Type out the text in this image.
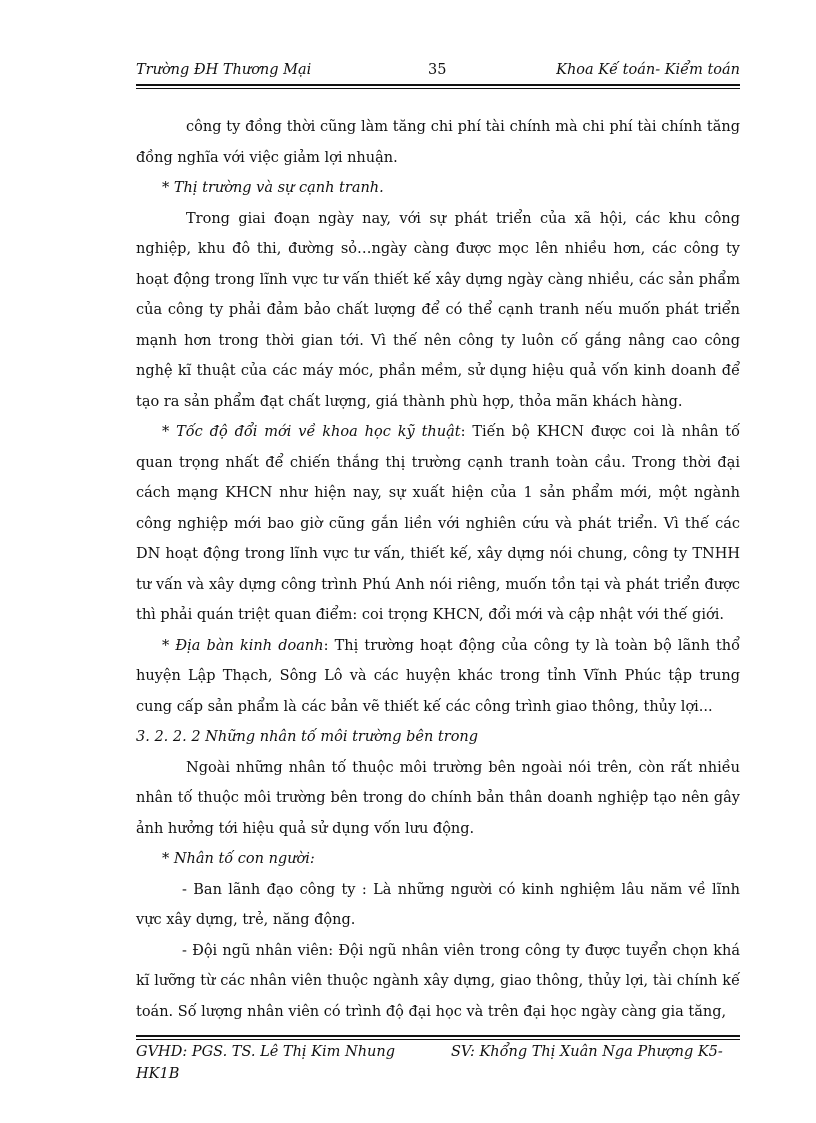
Trường ĐH Thương Mại	35	Khoa Kế toán- Kiểm toán

công ty đồng thời cũng làm tăng chi phí tài chính mà chi phí tài chính tăng đồng nghĩa với việc giảm lợi nhuận.

* Thị trường và sự cạnh tranh.

Trong giai đoạn ngày nay, với sự phát triển của xã hội, các khu công nghiệp, khu đô thi, đường sỏ…ngày càng được mọc lên nhiều hơn, các công ty hoạt động trong lĩnh vực tư vấn thiết kế xây dựng ngày càng nhiều, các sản phẩm của công ty phải đảm bảo chất lượng để có thể cạnh tranh nếu muốn phát triển mạnh hơn trong thời gian tới. Vì thế nên công ty luôn cố gắng nâng cao công nghệ kĩ thuật của các máy móc, phần mềm, sử dụng hiệu quả vốn kinh doanh để tạo ra sản phẩm đạt chất lượng, giá thành phù hợp, thỏa mãn khách hàng.

* Tốc độ đổi mới về khoa học kỹ thuật: Tiến bộ KHCN được coi là nhân tố quan trọng nhất để chiến thắng thị trường cạnh tranh toàn cầu. Trong thời đại cách mạng KHCN như hiện nay, sự xuất hiện của 1 sản phẩm mới, một ngành công nghiệp mới bao giờ cũng gắn liền với nghiên cứu và phát triển. Vì thế các DN hoạt động trong lĩnh vực tư vấn, thiết kế, xây dựng nói chung, công ty TNHH tư vấn và xây dựng công trình Phú Anh nói riêng, muốn tồn tại và phát triển được thì phải quán triệt quan điểm: coi trọng KHCN, đổi mới và cập nhật với thế giới.

* Địa bàn kinh doanh: Thị trường hoạt động của công ty là toàn bộ lãnh thổ huyện Lập Thạch, Sông Lô và các huyện khác trong tỉnh Vĩnh Phúc tập trung cung cấp sản phẩm là các bản vẽ thiết kế các công trình giao thông, thủy lợi...

3. 2. 2. 2 Những nhân tố môi trường bên trong

Ngoài những nhân tố thuộc môi trường bên ngoài nói trên, còn rất nhiều nhân tố thuộc môi trường bên trong do chính bản thân doanh nghiệp tạo nên gây ảnh hưởng tới hiệu quả sử dụng vốn lưu động.

* Nhân tố con người:

- Ban lãnh đạo công ty : Là những người có kinh nghiệm lâu năm về lĩnh vực xây dựng, trẻ, năng động.

- Đội ngũ nhân viên: Đội ngũ nhân viên trong công ty được tuyển chọn khá kĩ lưỡng từ các nhân viên thuộc ngành xây dựng, giao thông, thủy lợi, tài chính kế toán. Số lượng nhân viên có trình độ đại học và trên đại học ngày càng gia tăng,

GVHD: PGS. TS. Lê Thị Kim Nhung	SV: Khổng Thị Xuân Nga Phượng K5-
HK1B
